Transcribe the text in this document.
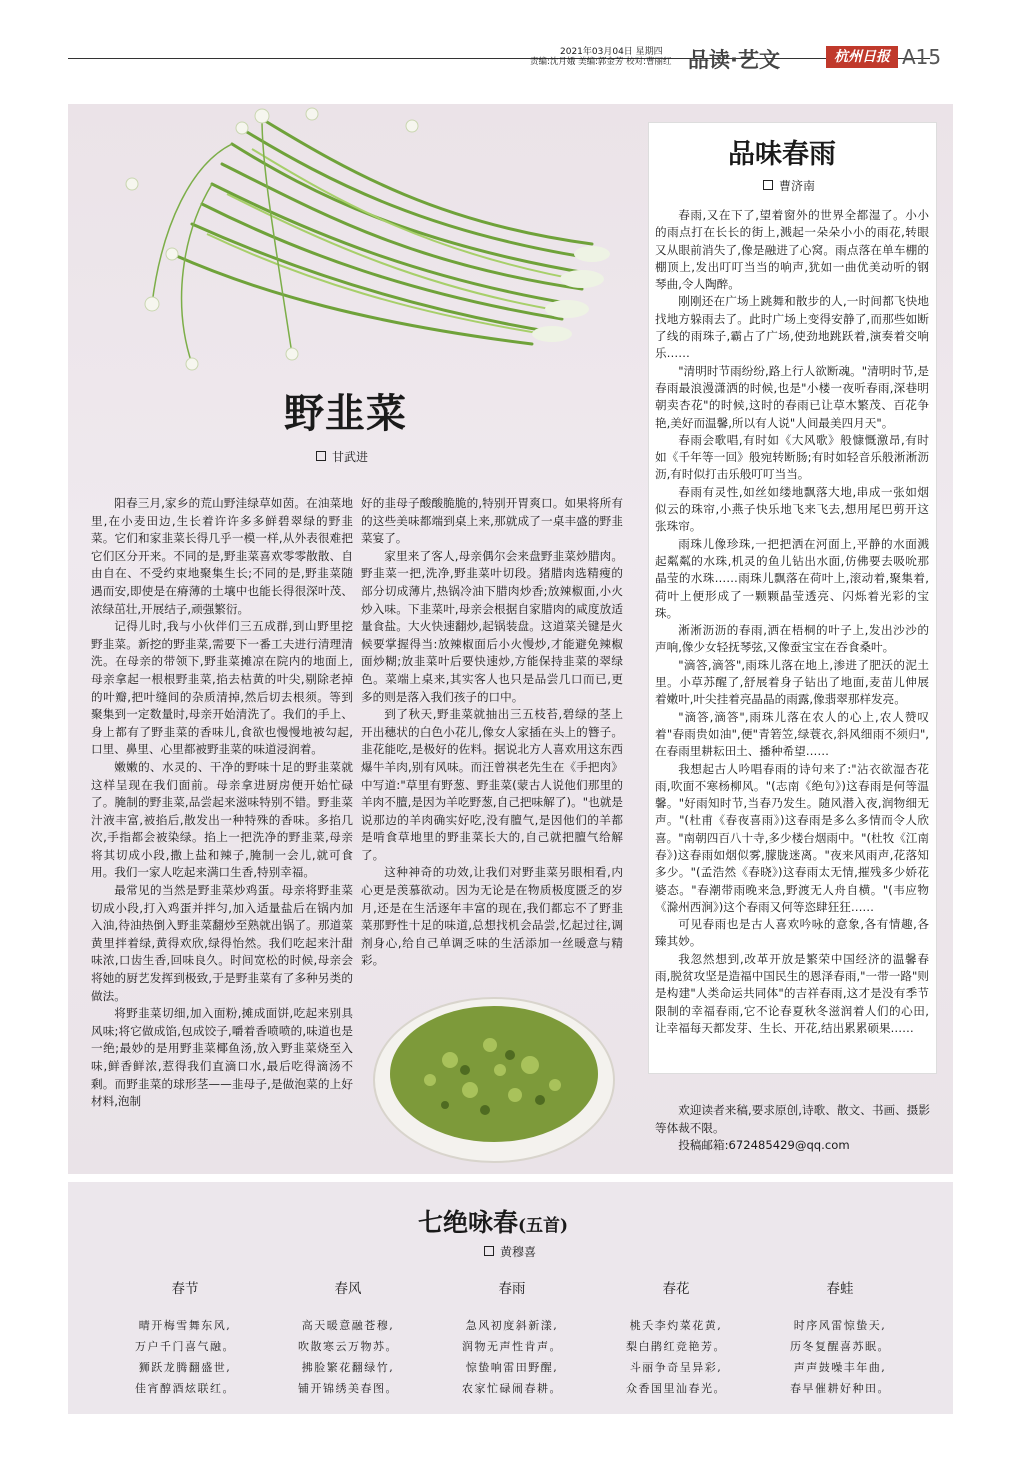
2021年03月04日 星期四
责编:沈月娥 美编:郭金芳 校对:曹丽红 品读·艺文	杭州日报 A15
野韭菜
甘武进

阳春三月,家乡的荒山野洼绿草如茵。在油菜地里,在小麦田边,生长着许许多多鲜碧翠绿的野韭菜。它们和家韭菜长得几乎一模一样,从外表很难把它们区分开来。不同的是,野韭菜喜欢零零散散、自由自在、不受约束地聚集生长;不同的是,野韭菜随遇而安,即使是在瘠薄的土壤中也能长得很深叶茂、浓绿茁壮,开展结子,顽强繁衍。

记得儿时,我与小伙伴们三五成群,到山野里挖野韭菜。新挖的野韭菜,需要下一番工夫进行清理清洗。在母亲的带领下,野韭菜摊凉在院内的地面上,母亲拿起一根根野韭菜,掐去枯黄的叶尖,剔除老掉的叶瓣,把叶缝间的杂质清掉,然后切去根须。等到聚集到一定数量时,母亲开始清洗了。我们的手上、身上都有了野韭菜的香味儿,食欲也慢慢地被勾起,口里、鼻里、心里都被野韭菜的味道浸润着。

嫩嫩的、水灵的、干净的野味十足的野韭菜就这样呈现在我们面前。母亲拿进厨房便开始忙碌了。腌制的野韭菜,品尝起来滋味特别不错。野韭菜汁液丰富,被掐后,散发出一种特殊的香味。多掐几次,手指都会被染绿。掐上一把洗净的野韭菜,母亲将其切成小段,撒上盐和辣子,腌制一会儿,就可食用。我们一家人吃起来满口生香,特别幸福。

最常见的当然是野韭菜炒鸡蛋。母亲将野韭菜切成小段,打入鸡蛋并拌匀,加入适量盐后在锅内加入油,待油热倒入野韭菜翻炒至熟就出锅了。那道菜黄里拌着绿,黄得欢欣,绿得怡然。我们吃起来汁甜味浓,口齿生香,回味良久。时间宽松的时候,母亲会将她的厨艺发挥到极致,于是野韭菜有了多种另类的做法。

将野韭菜切细,加入面粉,摊成面饼,吃起来别具风味;将它做成馅,包成饺子,嚼着香喷喷的,味道也是一绝;最妙的是用野韭菜椰鱼汤,放入野韭菜烧至入味,鲜香鲜浓,惹得我们直滴口水,最后吃得滴汤不剩。而野韭菜的球形茎——韭母子,是做泡菜的上好材料,泡制

好的韭母子酸酸脆脆的,特别开胃爽口。如果将所有的这些美味都端到桌上来,那就成了一桌丰盛的野韭菜宴了。

家里来了客人,母亲偶尔会来盘野韭菜炒腊肉。野韭菜一把,洗净,野韭菜叶切段。猪腊肉选精瘦的部分切成薄片,热锅冷油下腊肉炒香;放辣椒面,小火炒入味。下韭菜叶,母亲会根据自家腊肉的咸度放适量食盐。大火快速翻炒,起锅装盘。这道菜关键是火候要掌握得当:放辣椒面后小火慢炒,才能避免辣椒面炒糊;放韭菜叶后要快速炒,方能保持韭菜的翠绿色。菜端上桌来,其实客人也只是品尝几口而已,更多的则是落入我们孩子的口中。

到了秋天,野韭菜就抽出三五枝苔,碧绿的茎上开出穗状的白色小花儿,像女人家插在头上的簪子。韭花能吃,是极好的佐料。据说北方人喜欢用这东西爆牛羊肉,别有风味。而汪曾祺老先生在《手把肉》中写道:"草里有野葱、野韭菜(蒙古人说他们那里的羊肉不膻,是因为羊吃野葱,自己把味解了)。"也就是说那边的羊肉确实好吃,没有膻气,是因他们的羊都是啃食草地里的野韭菜长大的,自己就把膻气给解了。

这种神奇的功效,让我们对野韭菜另眼相看,内心更是羡慕欲动。因为无论是在物质极度匮乏的岁月,还是在生活逐年丰富的现在,我们都忘不了野韭菜那野性十足的味道,总想找机会品尝,忆起过往,调剂身心,给自己单调乏味的生活添加一丝暖意与精彩。

品味春雨
曹济南

春雨,又在下了,望着窗外的世界全都湿了。小小的雨点打在长长的街上,溅起一朵朵小小的雨花,转眼又从眼前消失了,像是融进了心窝。雨点落在单车棚的棚顶上,发出叮叮当当的响声,犹如一曲优美动听的钢琴曲,令人陶醉。

刚刚还在广场上跳舞和散步的人,一时间都飞快地找地方躲雨去了。此时广场上变得安静了,而那些如断了线的雨珠子,霸占了广场,使劲地跳跃着,演奏着交响乐……

"清明时节雨纷纷,路上行人欲断魂。"清明时节,是春雨最浪漫潇洒的时候,也是"小楼一夜听春雨,深巷明朝卖杏花"的时候,这时的春雨已让草木繁茂、百花争艳,美好而温馨,所以有人说"人间最美四月天"。

春雨会歌唱,有时如《大风歌》般慷慨激昂,有时如《千年等一回》般宛转断肠;有时如轻音乐般淅淅沥沥,有时似打击乐般叮叮当当。

春雨有灵性,如丝如缕地飘落大地,串成一张如烟似云的珠帘,小燕子快乐地飞来飞去,想用尾巴剪开这张珠帘。

雨珠儿像珍珠,一把把洒在河面上,平静的水面溅起粼粼的水珠,机灵的鱼儿钻出水面,仿佛要去吸吮那晶莹的水珠……雨珠儿飘落在荷叶上,滚动着,聚集着,荷叶上便形成了一颗颗晶莹透亮、闪烁着光彩的宝珠。

淅淅沥沥的春雨,洒在梧桐的叶子上,发出沙沙的声响,像少女轻抚琴弦,又像蚕宝宝在吞食桑叶。

"滴答,滴答",雨珠儿落在地上,渗进了肥沃的泥土里。小草苏醒了,舒展着身子钻出了地面,麦苗儿伸展着嫩叶,叶尖挂着亮晶晶的雨露,像翡翠那样发亮。

"滴答,滴答",雨珠儿落在农人的心上,农人赞叹着"春雨贵如油",便"青箬笠,绿蓑衣,斜风细雨不须归",在春雨里耕耘田土、播种希望……

我想起古人吟唱春雨的诗句来了:"沾衣欲湿杏花雨,吹面不寒杨柳风。"(志南《绝句》)这春雨是何等温馨。"好雨知时节,当春乃发生。随风潜入夜,润物细无声。"(杜甫《春夜喜雨》)这春雨是多么多情而令人欣喜。"南朝四百八十寺,多少楼台烟雨中。"(杜牧《江南春》)这春雨如烟似雾,朦胧迷离。"夜来风雨声,花落知多少。"(孟浩然《春晓》)这春雨太无情,摧残多少娇花婆态。"春潮带雨晚来急,野渡无人舟自横。"(韦应物《滁州西涧》)这个春雨又何等恣肆狂狂……

可见春雨也是古人喜欢吟咏的意象,各有情趣,各臻其妙。

我忽然想到,改革开放是繁荣中国经济的温馨春雨,脱贫攻坚是造福中国民生的恩泽春雨,"一带一路"则是构建"人类命运共同体"的吉祥春雨,这才是没有季节限制的幸福春雨,它不论春夏秋冬滋润着人们的心田,让幸福每天都发芽、生长、开花,结出累累硕果……

欢迎读者来稿,要求原创,诗歌、散文、书画、摄影等体裁不限。

投稿邮箱:672485429@qq.com

七绝咏春(五首)
黄穆喜
春节
晴开梅雪舞东风,
万户千门喜气融。
狮跃龙腾翻盛世,
佳宵醇酒炫联红。
春风
高天暖意融苍穆,
吹散寒云万物苏。
拂脸繁花翻绿竹,
铺开锦绣美春图。
春雨
急风初度斜新漾,
润物无声性肯声。
惊蛰响雷田野醒,
农家忙碌闹春耕。
春花
桃夭李灼菜花黄,
梨白鹃红竞艳芳。
斗丽争奇呈异彩,
众香国里汕春光。
春蛙
时序风雷惊蛰天,
历冬复醒喜苏眠。
声声鼓噪丰年曲,
春早催耕好种田。
